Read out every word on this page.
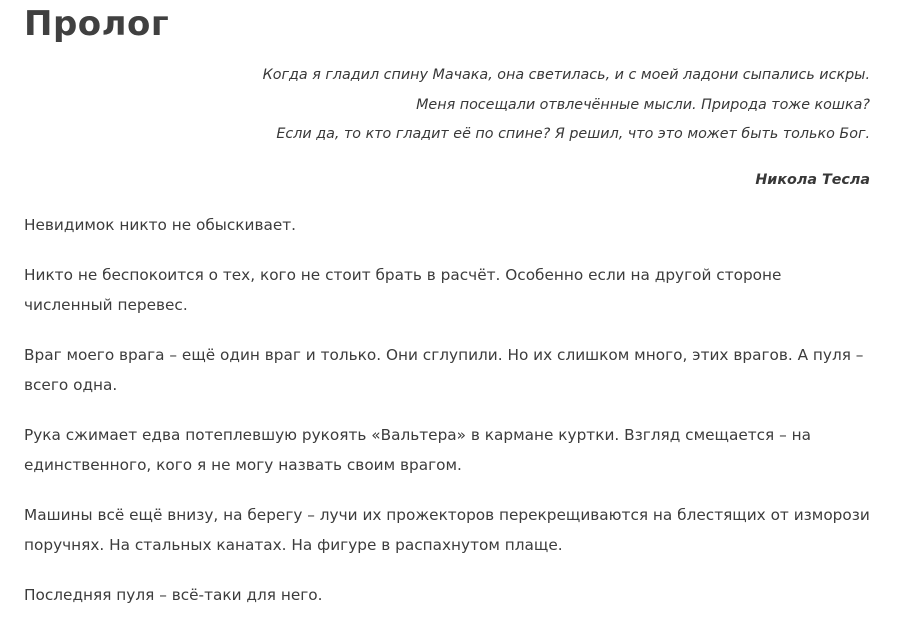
Пролог
Когда я гладил спину Мачака, она светилась, и с моей ладони сыпались искры.
Меня посещали отвлечённые мысли. Природа тоже кошка?
Если да, то кто гладит её по спине? Я решил, что это может быть только Бог.
Никола Тесла

Невидимок никто не обыскивает.

Никто не беспокоится о тех, кого не стоит брать в расчёт. Особенно если на другой стороне численный перевес.

Враг моего врага – ещё один враг и только. Они сглупили. Но их слишком много, этих врагов. А пуля – всего одна.

Рука сжимает едва потеплевшую рукоять «Вальтера» в кармане куртки. Взгляд смещается – на единственного, кого я не могу назвать своим врагом.

Машины всё ещё внизу, на берегу – лучи их прожекторов перекрещиваются на блестящих от изморози поручнях. На стальных канатах. На фигуре в распахнутом плаще.

Последняя пуля – всё-таки для него.
